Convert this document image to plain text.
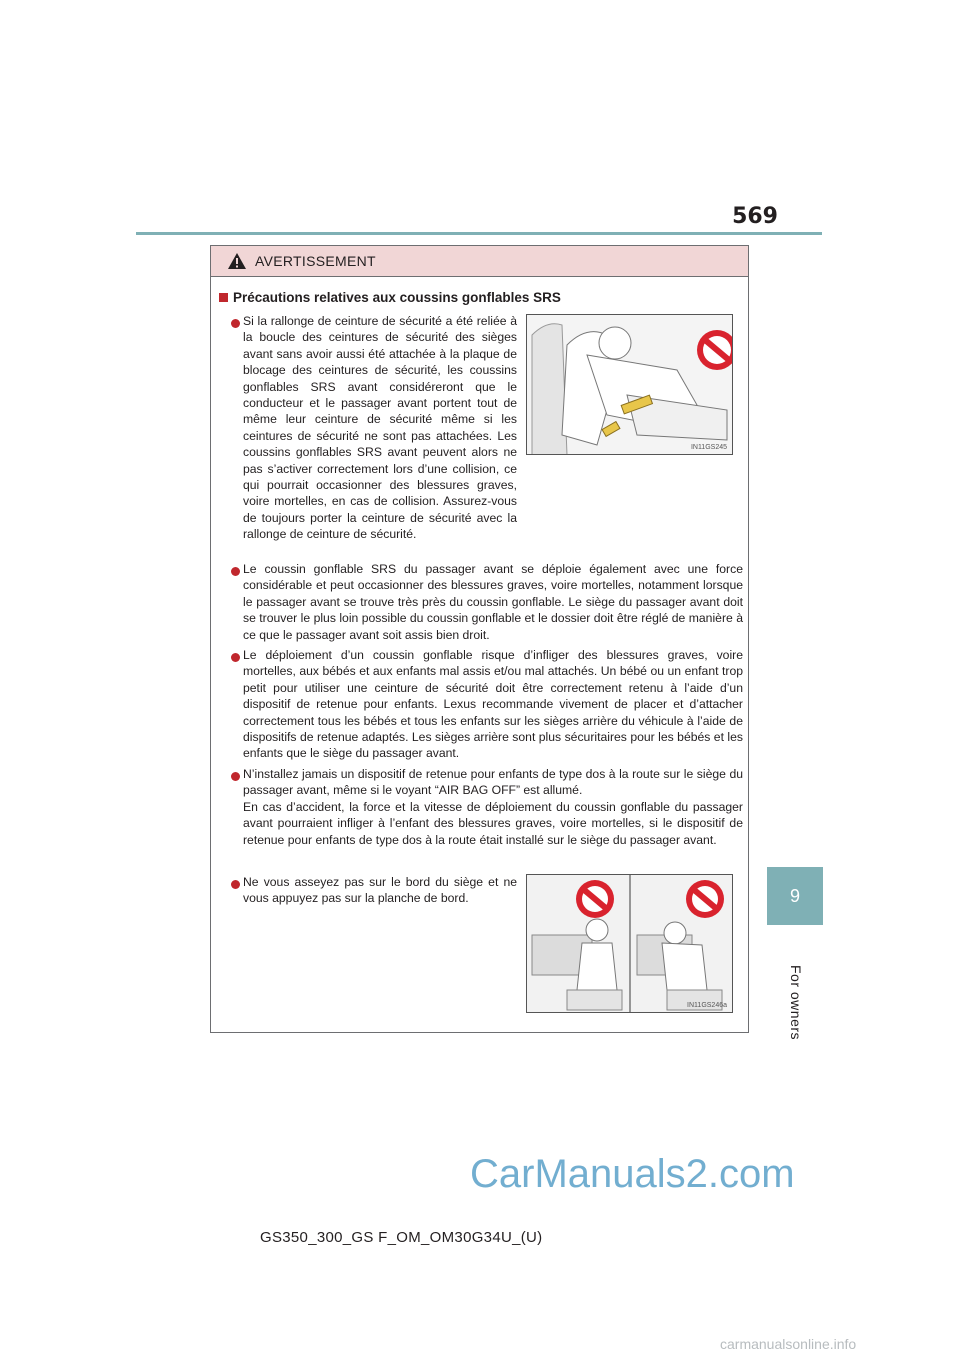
569
9
For owners
AVERTISSEMENT
Précautions relatives aux coussins gonflables SRS
Si la rallonge de ceinture de sécurité a été reliée à la boucle des ceintures de sécurité des sièges avant sans avoir aussi été attachée à la plaque de blocage des ceintures de sécurité, les coussins gonflables SRS avant considéreront que le conducteur et le passager avant portent tout de même leur ceinture de sécurité même si les ceintures de sécurité ne sont pas attachées. Les coussins gonflables SRS avant peuvent alors ne pas s’activer correctement lors d’une collision, ce qui pourrait occasionner des blessures graves, voire mortelles, en cas de collision. Assurez-vous de toujours porter la ceinture de sécurité avec la rallonge de ceinture de sécurité.
IN11GS245
Le coussin gonflable SRS du passager avant se déploie également avec une force considérable et peut occasionner des blessures graves, voire mortelles, notamment lorsque le passager avant se trouve très près du coussin gonflable. Le siège du passager avant doit se trouver le plus loin possible du coussin gonflable et le dossier doit être réglé de manière à ce que le passager avant soit assis bien droit.
Le déploiement d’un coussin gonflable risque d’infliger des blessures graves, voire mortelles, aux bébés et aux enfants mal assis et/ou mal attachés. Un bébé ou un enfant trop petit pour utiliser une ceinture de sécurité doit être correctement retenu à l’aide d’un dispositif de retenue pour enfants. Lexus recommande vivement de placer et d’attacher correctement tous les bébés et tous les enfants sur les sièges arrière du véhicule à l’aide de dispositifs de retenue adaptés. Les sièges arrière sont plus sécuritaires pour les bébés et les enfants que le siège du passager avant.
N’installez jamais un dispositif de retenue pour enfants de type dos à la route sur le siège du passager avant, même si le voyant “AIR BAG OFF” est allumé.
En cas d’accident, la force et la vitesse de déploiement du coussin gonflable du passager avant pourraient infliger à l’enfant des blessures graves, voire mortelles, si le dispositif de retenue pour enfants de type dos à la route était installé sur le siège du passager avant.
Ne vous asseyez pas sur le bord du siège et ne vous appuyez pas sur la planche de bord.
IN11GS246a
CarManuals2.com
GS350_300_GS F_OM_OM30G34U_(U)
carmanualsonline.info
